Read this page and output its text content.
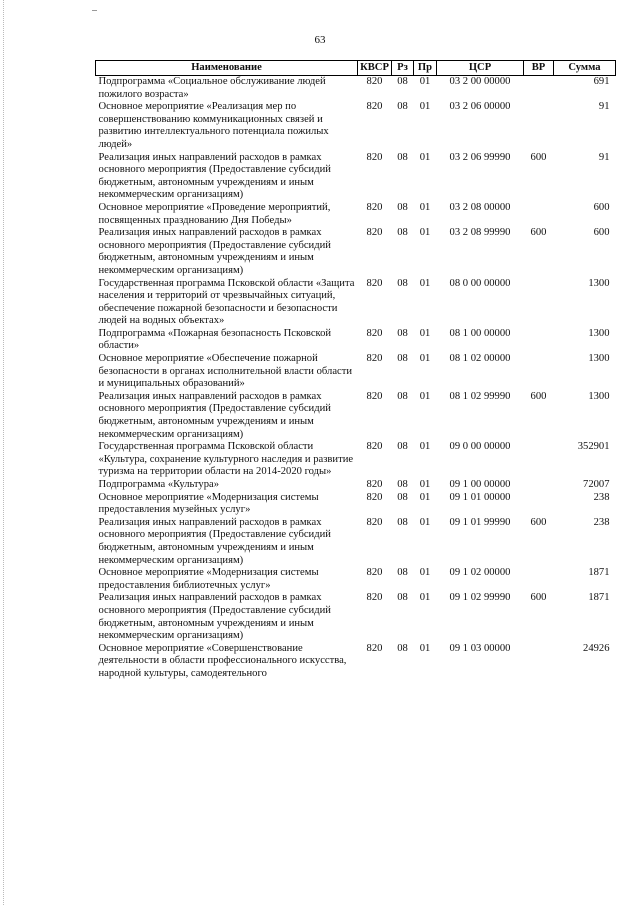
63
Наименование	КВСР	Рз	Пр	ЦСР	ВР	Сумма
Подпрограмма «Социальное обслуживание людей пожилого возраста»	820	08	01	03 2 00 00000		691
Основное мероприятие «Реализация мер по совершенствованию коммуникационных связей и развитию интеллектуального потенциала пожилых людей»	820	08	01	03 2 06 00000		91
Реализация иных направлений расходов в рамках основного мероприятия (Предоставление субсидий бюджетным, автономным учреждениям и иным некоммерческим организациям)	820	08	01	03 2 06 99990	600	91
Основное мероприятие «Проведение мероприятий, посвященных празднованию Дня Победы»	820	08	01	03 2 08 00000		600
Реализация иных направлений расходов в рамках основного мероприятия (Предоставление субсидий бюджетным, автономным учреждениям и иным некоммерческим организациям)	820	08	01	03 2 08 99990	600	600
Государственная программа Псковской области «Защита населения и территорий от чрезвычайных ситуаций, обеспечение пожарной безопасности и безопасности людей на водных объектах»	820	08	01	08 0 00 00000		1300
Подпрограмма «Пожарная безопасность Псковской области»	820	08	01	08 1 00 00000		1300
Основное мероприятие «Обеспечение пожарной безопасности в органах исполнительной власти области и муниципальных образований»	820	08	01	08 1 02 00000		1300
Реализация иных направлений расходов в рамках основного мероприятия (Предоставление субсидий бюджетным, автономным учреждениям и иным некоммерческим организациям)	820	08	01	08 1 02 99990	600	1300
Государственная программа Псковской области «Культура, сохранение культурного наследия и развитие туризма на территории области на 2014-2020 годы»	820	08	01	09 0 00 00000		352901
Подпрограмма «Культура»	820	08	01	09 1 00 00000		72007
Основное мероприятие «Модернизация системы предоставления музейных услуг»	820	08	01	09 1 01 00000		238
Реализация иных направлений расходов в рамках основного мероприятия (Предоставление субсидий бюджетным, автономным учреждениям и иным некоммерческим организациям)	820	08	01	09 1 01 99990	600	238
Основное мероприятие «Модернизация системы предоставления библиотечных услуг»	820	08	01	09 1 02 00000		1871
Реализация иных направлений расходов в рамках основного мероприятия (Предоставление субсидий бюджетным, автономным учреждениям и иным некоммерческим организациям)	820	08	01	09 1 02 99990	600	1871
Основное мероприятие «Совершенствование деятельности в области профессионального искусства, народной культуры, самодеятельного	820	08	01	09 1 03 00000		24926
